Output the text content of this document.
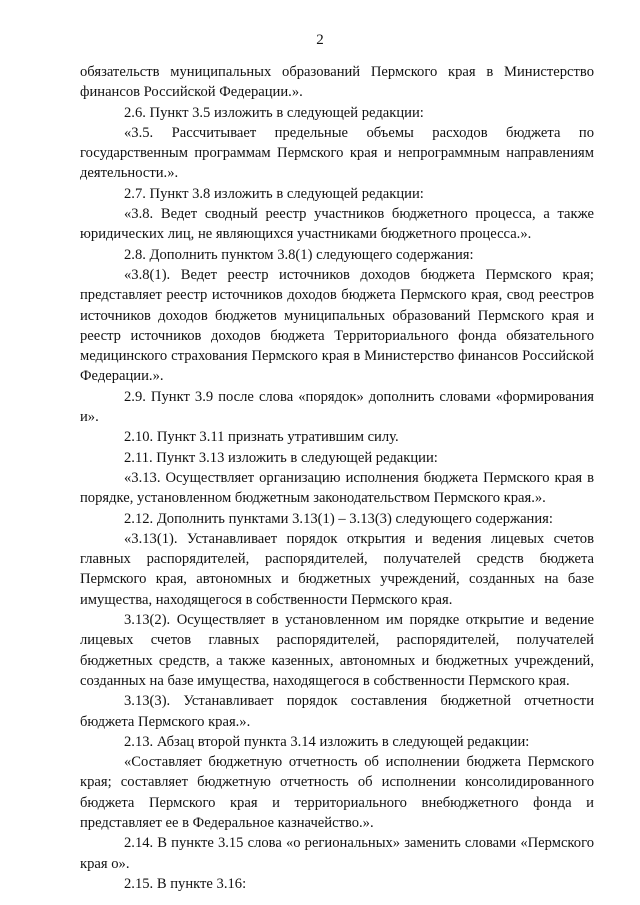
2

обязательств муниципальных образований Пермского края в Министерство финансов Российской Федерации.».

2.6. Пункт 3.5 изложить в следующей редакции:

«3.5. Рассчитывает предельные объемы расходов бюджета по государственным программам Пермского края и непрограммным направлениям деятельности.».

2.7. Пункт 3.8 изложить в следующей редакции:

«3.8. Ведет сводный реестр участников бюджетного процесса, а также юридических лиц, не являющихся участниками бюджетного процесса.».

2.8. Дополнить пунктом 3.8(1) следующего содержания:

«3.8(1). Ведет реестр источников доходов бюджета Пермского края; представляет реестр источников доходов бюджета Пермского края, свод реестров источников доходов бюджетов муниципальных образований Пермского края и реестр источников доходов бюджета Территориального фонда обязательного медицинского страхования Пермского края в Министерство финансов Российской Федерации.».

2.9. Пункт 3.9 после слова «порядок» дополнить словами «формирования и».

2.10. Пункт 3.11 признать утратившим силу.

2.11. Пункт 3.13 изложить в следующей редакции:

«3.13. Осуществляет организацию исполнения бюджета Пермского края в порядке, установленном бюджетным законодательством Пермского края.».

2.12. Дополнить пунктами 3.13(1) – 3.13(3) следующего содержания:

«3.13(1). Устанавливает порядок открытия и ведения лицевых счетов главных распорядителей, распорядителей, получателей средств бюджета Пермского края, автономных и бюджетных учреждений, созданных на базе имущества, находящегося в собственности Пермского края.

3.13(2). Осуществляет в установленном им порядке открытие и ведение лицевых счетов главных распорядителей, распорядителей, получателей бюджетных средств, а также казенных, автономных и бюджетных учреждений, созданных на базе имущества, находящегося в собственности Пермского края.

3.13(3). Устанавливает порядок составления бюджетной отчетности бюджета Пермского края.».

2.13. Абзац второй пункта 3.14 изложить в следующей редакции:

«Составляет бюджетную отчетность об исполнении бюджета Пермского края; составляет бюджетную отчетность об исполнении консолидированного бюджета Пермского края и территориального внебюджетного фонда и представляет ее в Федеральное казначейство.».

2.14. В пункте 3.15 слова «о региональных» заменить словами «Пермского края о».

2.15. В пункте 3.16:
